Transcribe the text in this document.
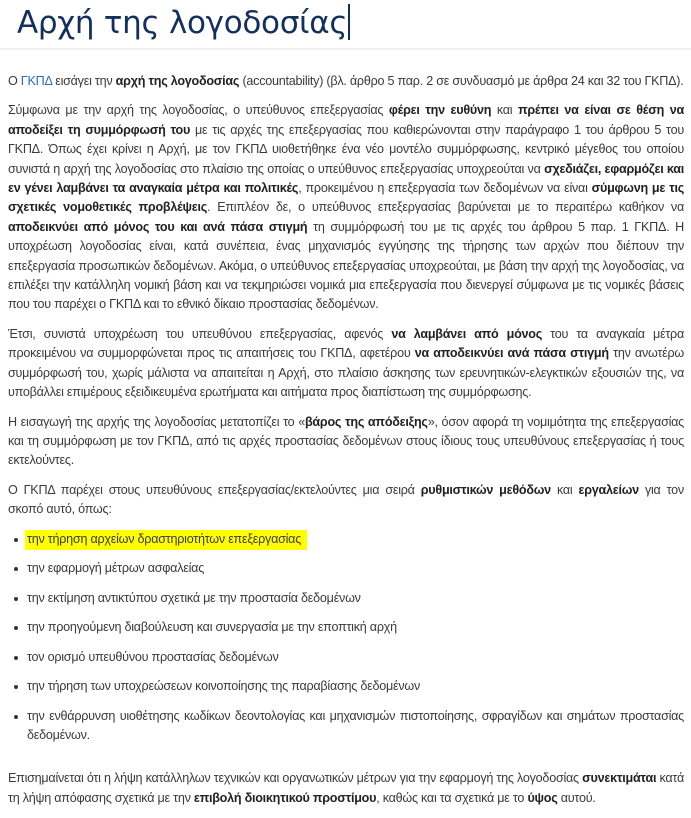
Αρχή της λογοδοσίας

Ο ΓΚΠΔ εισάγει την αρχή της λογοδοσίας (accountability) (βλ. άρθρο 5 παρ. 2 σε συνδυασμό με άρθρα 24 και 32 του ΓΚΠΔ).

Σύμφωνα με την αρχή της λογοδοσίας, ο υπεύθυνος επεξεργασίας φέρει την ευθύνη και πρέπει να είναι σε θέση να αποδείξει τη συμμόρφωσή του με τις αρχές της επεξεργασίας που καθιερώνονται στην παράγραφο 1 του άρθρου 5 του ΓΚΠΔ. Όπως έχει κρίνει η Αρχή, με τον ΓΚΠΔ υιοθετήθηκε ένα νέο μοντέλο συμμόρφωσης, κεντρικό μέγεθος του οποίου συνιστά η αρχή της λογοδοσίας στο πλαίσιο της οποίας ο υπεύθυνος επεξεργασίας υποχρεούται να σχεδιάζει, εφαρμόζει και εν γένει λαμβάνει τα αναγκαία μέτρα και πολιτικές, προκειμένου η επεξεργασία των δεδομένων να είναι σύμφωνη με τις σχετικές νομοθετικές προβλέψεις. Επιπλέον δε, ο υπεύθυνος επεξεργασίας βαρύνεται με το περαιτέρω καθήκον να αποδεικνύει από μόνος του και ανά πάσα στιγμή τη συμμόρφωσή του με τις αρχές του άρθρου 5 παρ. 1 ΓΚΠΔ. Η υποχρέωση λογοδοσίας είναι, κατά συνέπεια, ένας μηχανισμός εγγύησης της τήρησης των αρχών που διέπουν την επεξεργασία προσωπικών δεδομένων. Ακόμα, ο υπεύθυνος επεξεργασίας υποχρεούται, με βάση την αρχή της λογοδοσίας, να επιλέξει την κατάλληλη νομική βάση και να τεκμηριώσει νομικά μια επεξεργασία που διενεργεί σύμφωνα με τις νομικές βάσεις που του παρέχει ο ΓΚΠΔ και το εθνικό δίκαιο προστασίας δεδομένων.

Έτσι, συνιστά υποχρέωση του υπευθύνου επεξεργασίας, αφενός να λαμβάνει από μόνος του τα αναγκαία μέτρα προκειμένου να συμμορφώνεται προς τις απαιτήσεις του ΓΚΠΔ, αφετέρου να αποδεικνύει ανά πάσα στιγμή την ανωτέρω συμμόρφωσή του, χωρίς μάλιστα να απαιτείται η Αρχή, στο πλαίσιο άσκησης των ερευνητικών-ελεγκτικών εξουσιών της, να υποβάλλει επιμέρους εξειδικευμένα ερωτήματα και αιτήματα προς διαπίστωση της συμμόρφωσης.

Η εισαγωγή της αρχής της λογοδοσίας μετατοπίζει το «βάρος της απόδειξης», όσον αφορά τη νομιμότητα της επεξεργασίας και τη συμμόρφωση με τον ΓΚΠΔ, από τις αρχές προστασίας δεδομένων στους ίδιους τους υπευθύνους επεξεργασίας ή τους εκτελούντες.

Ο ΓΚΠΔ παρέχει στους υπευθύνους επεξεργασίας/εκτελούντες μια σειρά ρυθμιστικών μεθόδων και εργαλείων για τον σκοπό αυτό, όπως:

την τήρηση αρχείων δραστηριοτήτων επεξεργασίας
την εφαρμογή μέτρων ασφαλείας
την εκτίμηση αντικτύπου σχετικά με την προστασία δεδομένων
την προηγούμενη διαβούλευση και συνεργασία με την εποπτική αρχή
τον ορισμό υπευθύνου προστασίας δεδομένων
την τήρηση των υποχρεώσεων κοινοποίησης της παραβίασης δεδομένων
την ενθάρρυνση υιοθέτησης κωδίκων δεοντολογίας και μηχανισμών πιστοποίησης, σφραγίδων και σημάτων προστασίας δεδομένων.

Επισημαίνεται ότι η λήψη κατάλληλων τεχνικών και οργανωτικών μέτρων για την εφαρμογή της λογοδοσίας συνεκτιμάται κατά τη λήψη απόφασης σχετικά με την επιβολή διοικητικού προστίμου, καθώς και τα σχετικά με το ύψος αυτού.
